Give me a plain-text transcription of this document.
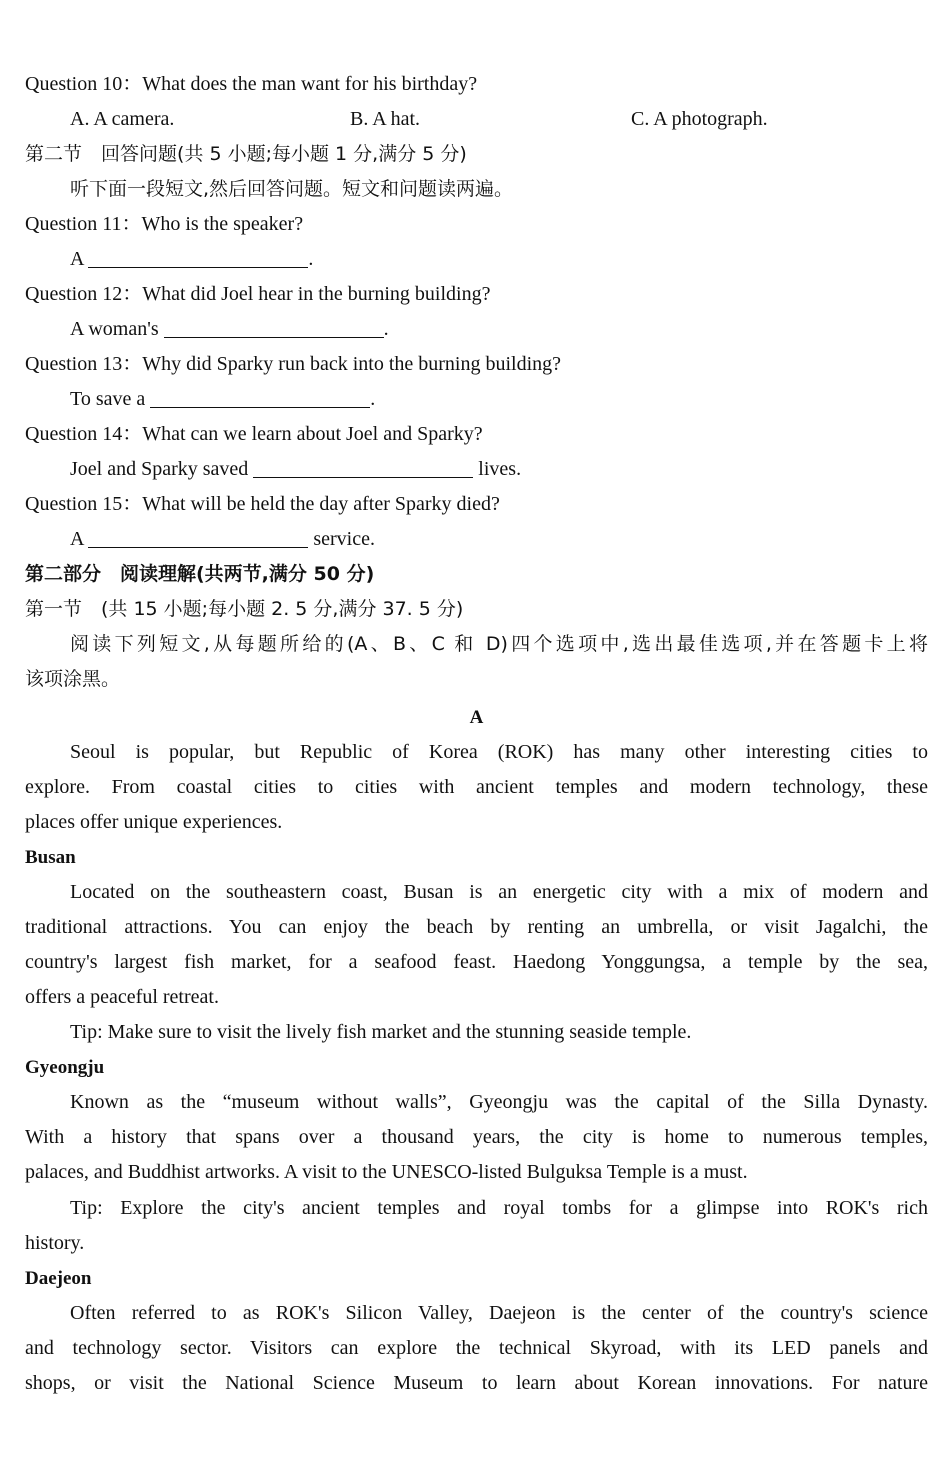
Question 10：What does the man want for his birthday?
A. A camera.	B. A hat.	C. A photograph.
第二节　回答问题(共 5 小题;每小题 1 分,满分 5 分)
听下面一段短文,然后回答问题。短文和问题读两遍。
Question 11：Who is the speaker?
A	.
Question 12：What did Joel hear in the burning building?
A woman's	.
Question 13：Why did Sparky run back into the burning building?
To save a	.
Question 14：What can we learn about Joel and Sparky?
Joel and Sparky saved	lives.
Question 15：What will be held the day after Sparky died?
A	service.
第二部分　阅读理解(共两节,满分 50 分)
第一节　(共 15 小题;每小题 2. 5 分,满分 37. 5 分)
阅读下列短文,从每题所给的(A、B、C 和 D)四个选项中,选出最佳选项,并在答题卡上将
该项涂黑。
A
Seoul is popular, but Republic of Korea (ROK) has many other interesting cities to
explore. From coastal cities to cities with ancient temples and modern technology, these
places offer unique experiences.
Busan
Located on the southeastern coast, Busan is an energetic city with a mix of modern and
traditional attractions. You can enjoy the beach by renting an umbrella, or visit Jagalchi, the
country's largest fish market, for a seafood feast. Haedong Yonggungsa, a temple by the sea,
offers a peaceful retreat.
Tip: Make sure to visit the lively fish market and the stunning seaside temple.
Gyeongju
Known as the “museum without walls”, Gyeongju was the capital of the Silla Dynasty.
With a history that spans over a thousand years, the city is home to numerous temples,
palaces, and Buddhist artworks. A visit to the UNESCO-listed Bulguksa Temple is a must.
Tip: Explore the city's ancient temples and royal tombs for a glimpse into ROK's rich
history.
Daejeon
Often referred to as ROK's Silicon Valley, Daejeon is the center of the country's science
and technology sector. Visitors can explore the technical Skyroad, with its LED panels and
shops, or visit the National Science Museum to learn about Korean innovations. For nature
